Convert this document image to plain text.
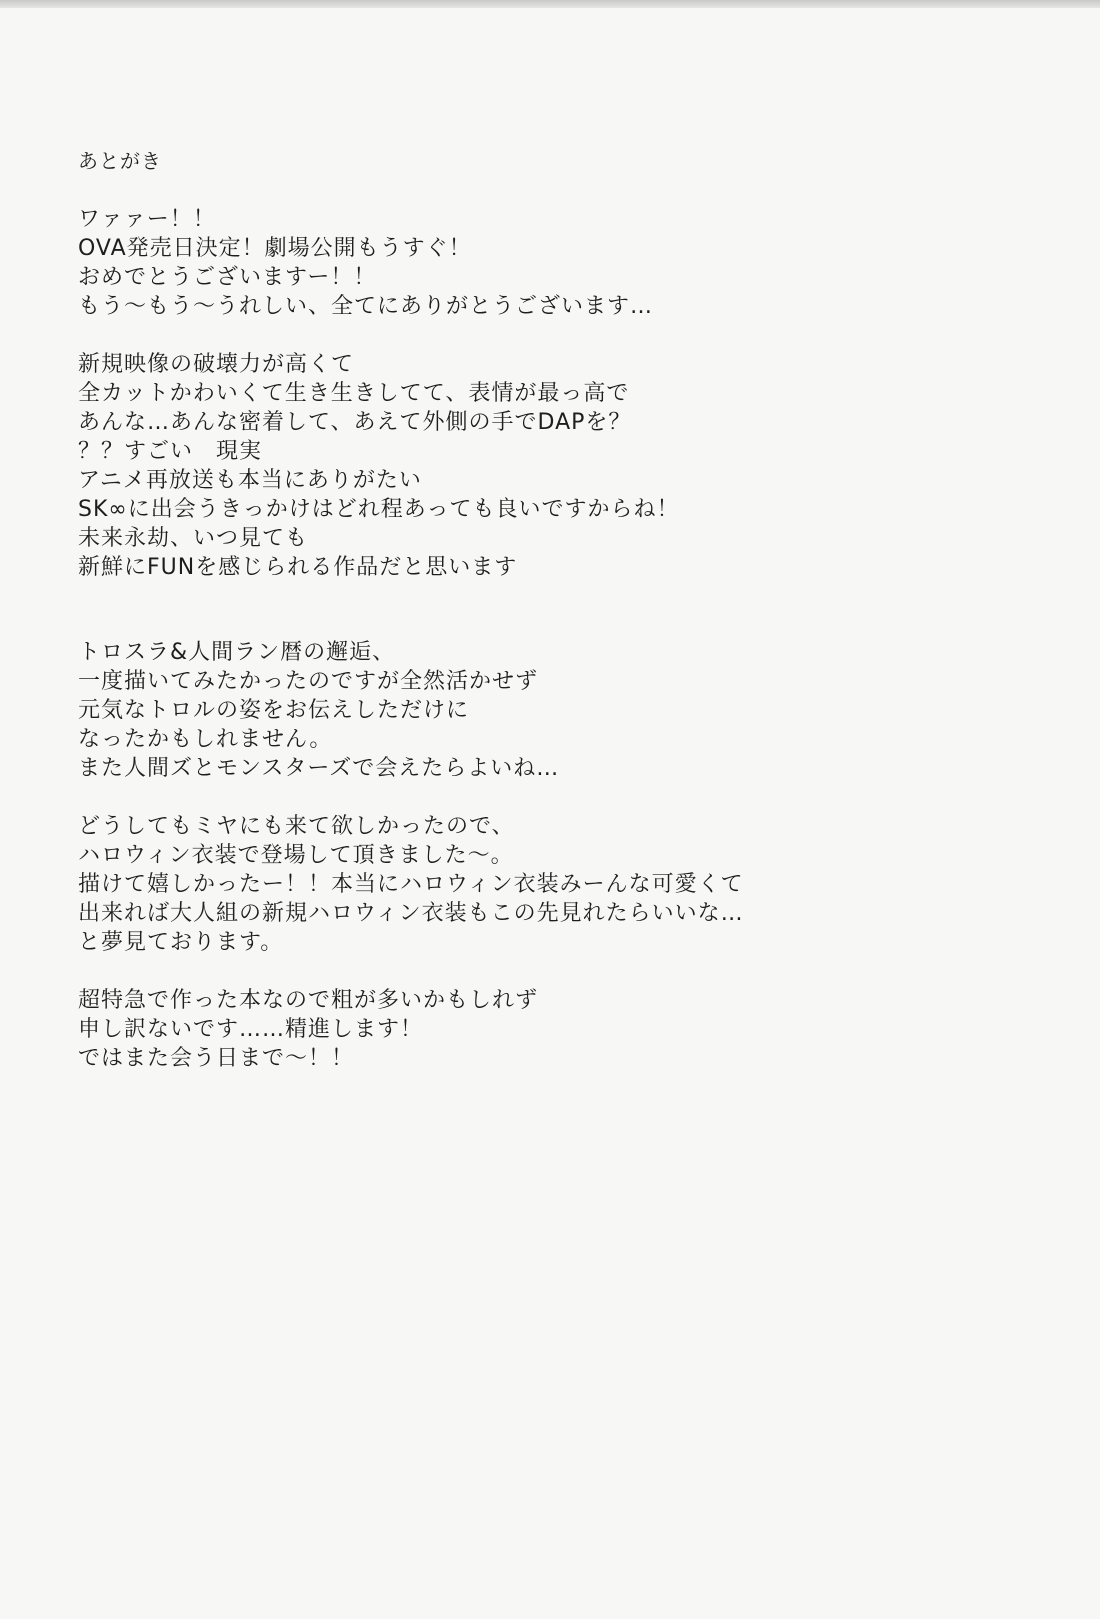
あとがき
ワァァー！！
OVA発売日決定！劇場公開もうすぐ！
おめでとうございますー！！
もう～もう～うれしい、全てにありがとうございます…
新規映像の破壊力が高くて
全カットかわいくて生き生きしてて、表情が最っ高で
あんな…あんな密着して、あえて外側の手でDAPを？
？？すごい　現実
アニメ再放送も本当にありがたい
SK∞に出会うきっかけはどれ程あっても良いですからね！
未来永劫、いつ見ても
新鮮にFUNを感じられる作品だと思います
トロスラ&人間ラン暦の邂逅、
一度描いてみたかったのですが全然活かせず
元気なトロルの姿をお伝えしただけに
なったかもしれません。
また人間ズとモンスターズで会えたらよいね…
どうしてもミヤにも来て欲しかったので、
ハロウィン衣装で登場して頂きました～。
描けて嬉しかったー！！本当にハロウィン衣装みーんな可愛くて
出来れば大人組の新規ハロウィン衣装もこの先見れたらいいな…
と夢見ております。
超特急で作った本なので粗が多いかもしれず
申し訳ないです……精進します！
ではまた会う日まで～！！
